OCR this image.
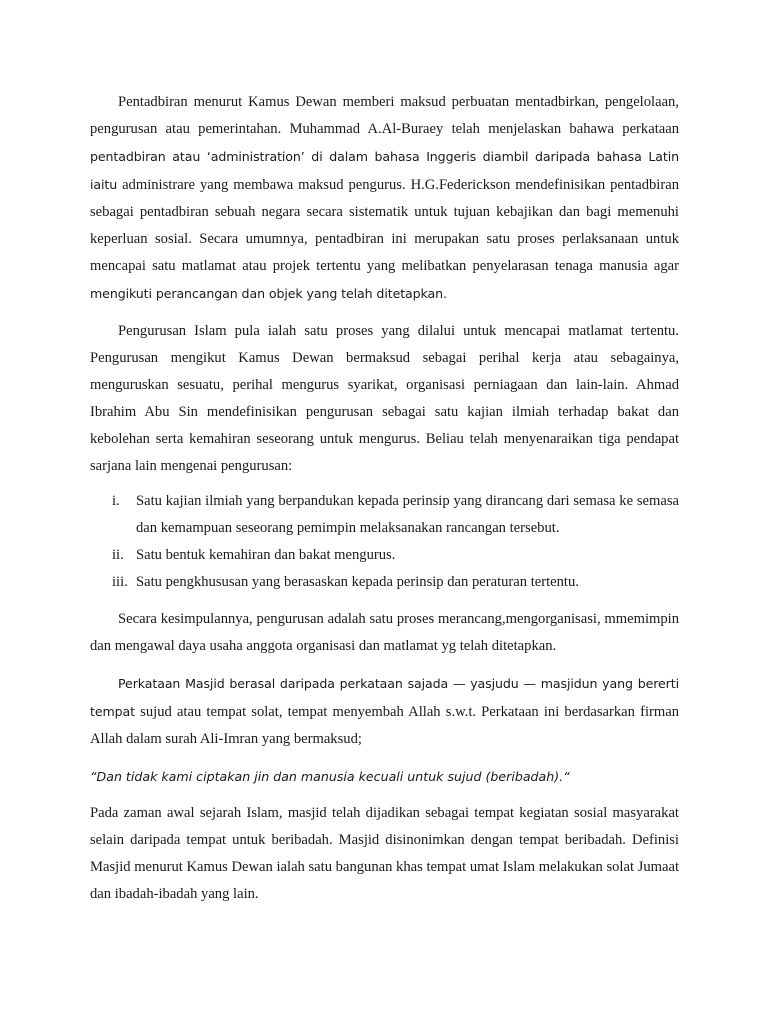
Pentadbiran menurut Kamus Dewan memberi maksud perbuatan mentadbirkan, pengelolaan, pengurusan atau pemerintahan. Muhammad A.Al-Buraey telah menjelaskan bahawa perkataan pentadbiran atau ‘administration’ di dalam bahasa Inggeris diambil daripada bahasa Latin iaitu administrare yang membawa maksud pengurus. H.G.Federickson mendefinisikan pentadbiran sebagai pentadbiran sebuah negara secara sistematik untuk tujuan kebajikan dan bagi memenuhi keperluan sosial. Secara umumnya, pentadbiran ini merupakan satu proses perlaksanaan untuk mencapai satu matlamat atau projek tertentu yang melibatkan penyelarasan tenaga manusia agar mengikuti perancangan dan objek yang telah ditetapkan.

Pengurusan Islam pula ialah satu proses yang dilalui untuk mencapai matlamat tertentu. Pengurusan mengikut Kamus Dewan bermaksud sebagai perihal kerja atau sebagainya, menguruskan sesuatu, perihal mengurus syarikat, organisasi perniagaan dan lain-lain. Ahmad Ibrahim Abu Sin mendefinisikan pengurusan sebagai satu kajian ilmiah terhadap bakat dan kebolehan serta kemahiran seseorang untuk mengurus. Beliau telah menyenaraikan tiga pendapat sarjana lain mengenai pengurusan:

i.	Satu kajian ilmiah yang berpandukan kepada perinsip yang dirancang dari semasa ke semasa dan kemampuan seseorang pemimpin melaksanakan rancangan tersebut.
ii. Satu bentuk kemahiran dan bakat mengurus.
iii. Satu pengkhususan yang berasaskan kepada perinsip dan peraturan tertentu.

Secara kesimpulannya, pengurusan adalah satu proses merancang,mengorganisasi, mmemimpin dan mengawal daya usaha anggota organisasi dan matlamat yg telah ditetapkan.

Perkataan Masjid berasal daripada perkataan sajada — yasjudu — masjidun yang bererti tempat sujud atau tempat solat, tempat menyembah Allah s.w.t. Perkataan ini berdasarkan firman Allah dalam surah Ali-Imran yang bermaksud;

“Dan tidak kami ciptakan jin dan manusia kecuali untuk sujud (beribadah).“

Pada zaman awal sejarah Islam, masjid telah dijadikan sebagai tempat kegiatan sosial masyarakat selain daripada tempat untuk beribadah. Masjid disinonimkan dengan tempat beribadah. Definisi Masjid menurut Kamus Dewan ialah satu bangunan khas tempat umat Islam melakukan solat Jumaat dan ibadah-ibadah yang lain.
